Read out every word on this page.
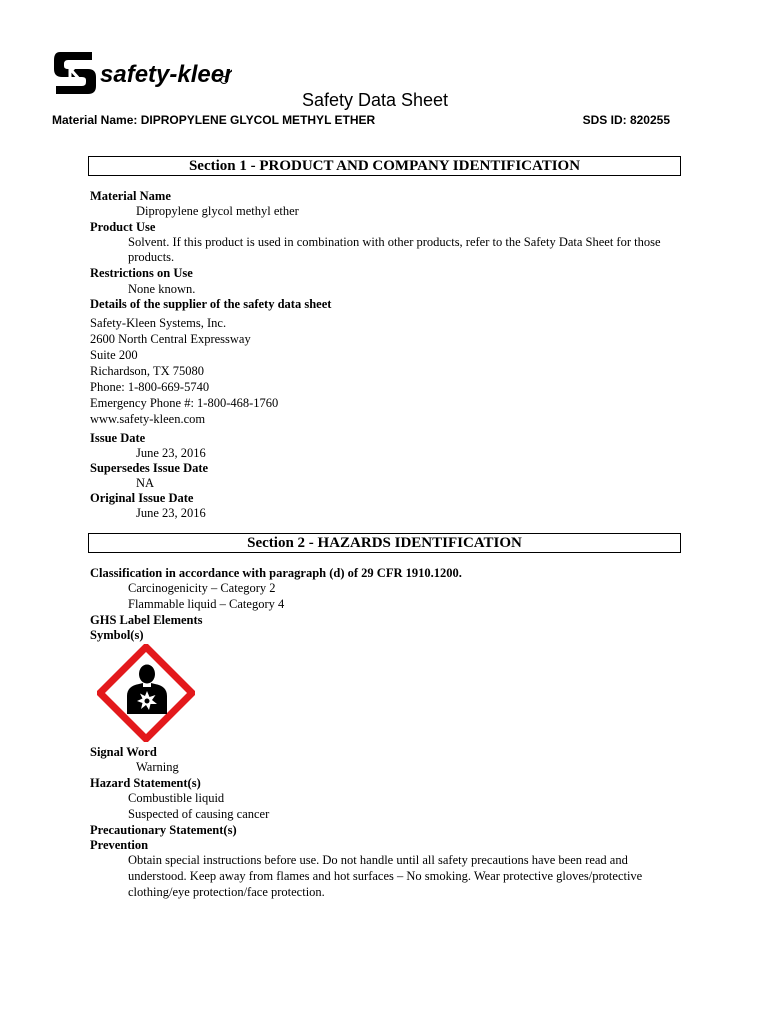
safety-kleen
Safety Data Sheet
Material Name: DIPROPYLENE GLYCOL METHYL ETHER	SDS ID: 820255
Section 1 - PRODUCT AND COMPANY IDENTIFICATION
Material Name
Dipropylene glycol methyl ether
Product Use
Solvent. If this product is used in combination with other products, refer to the Safety Data Sheet for those
products.
Restrictions on Use
None known.
Details of the supplier of the safety data sheet
Safety-Kleen Systems, Inc.
2600 North Central Expressway
Suite 200
Richardson, TX 75080
Phone: 1-800-669-5740
Emergency Phone #: 1-800-468-1760
www.safety-kleen.com
Issue Date
June 23, 2016
Supersedes Issue Date
NA
Original Issue Date
June 23, 2016
Section 2 - HAZARDS IDENTIFICATION
Classification in accordance with paragraph (d) of 29 CFR 1910.1200.
Carcinogenicity – Category 2
Flammable liquid – Category 4
GHS Label Elements
Symbol(s)
Signal Word
Warning
Hazard Statement(s)
Combustible liquid
Suspected of causing cancer
Precautionary Statement(s)
Prevention
Obtain special instructions before use. Do not handle until all safety precautions have been read and
understood. Keep away from flames and hot surfaces – No smoking. Wear protective gloves/protective
clothing/eye protection/face protection.
